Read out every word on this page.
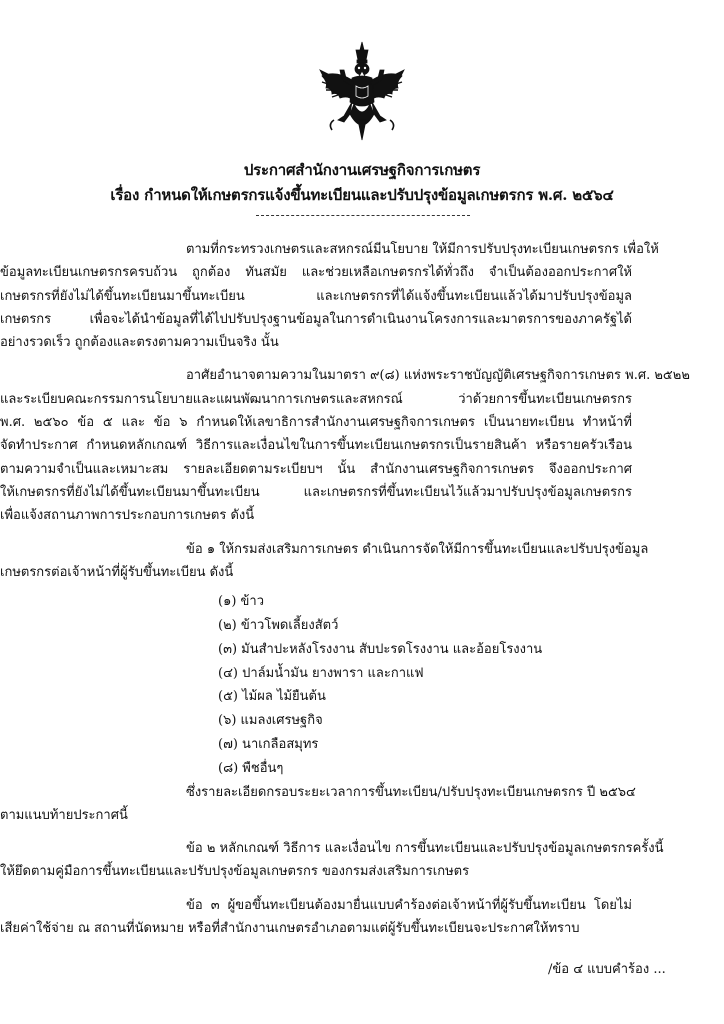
ประกาศสำนักงานเศรษฐกิจการเกษตร
เรื่อง กำหนดให้เกษตรกรแจ้งขึ้นทะเบียนและปรับปรุงข้อมูลเกษตรกร พ.ศ. ๒๕๖๔
ตามที่กระทรวงเกษตรและสหกรณ์มีนโยบาย ให้มีการปรับปรุงทะเบียนเกษตรกร เพื่อให้
ข้อมูลทะเบียนเกษตรกรครบถ้วน ถูกต้อง ทันสมัย และช่วยเหลือเกษตรกรได้ทั่วถึง จำเป็นต้องออกประกาศให้
เกษตรกรที่ยังไม่ได้ขึ้นทะเบียนมาขึ้นทะเบียน และเกษตรกรที่ได้แจ้งขึ้นทะเบียนแล้วได้มาปรับปรุงข้อมูล
เกษตรกร เพื่อจะได้นำข้อมูลที่ได้ไปปรับปรุงฐานข้อมูลในการดำเนินงานโครงการและมาตรการของภาครัฐได้
อย่างรวดเร็ว ถูกต้องและตรงตามความเป็นจริง นั้น
อาศัยอำนาจตามความในมาตรา ๙(๘) แห่งพระราชบัญญัติเศรษฐกิจการเกษตร พ.ศ. ๒๕๒๒
และระเบียบคณะกรรมการนโยบายและแผนพัฒนาการเกษตรและสหกรณ์ ว่าด้วยการขึ้นทะเบียนเกษตรกร
พ.ศ. ๒๕๖๐ ข้อ ๕ และ ข้อ ๖ กำหนดให้เลขาธิการสำนักงานเศรษฐกิจการเกษตร เป็นนายทะเบียน ทำหน้าที่
จัดทำประกาศ กำหนดหลักเกณฑ์ วิธีการและเงื่อนไขในการขึ้นทะเบียนเกษตรกรเป็นรายสินค้า หรือรายครัวเรือน
ตามความจำเป็นและเหมาะสม รายละเอียดตามระเบียบฯ นั้น สำนักงานเศรษฐกิจการเกษตร จึงออกประกาศ
ให้เกษตรกรที่ยังไม่ได้ขึ้นทะเบียนมาขึ้นทะเบียน และเกษตรกรที่ขึ้นทะเบียนไว้แล้วมาปรับปรุงข้อมูลเกษตรกร
เพื่อแจ้งสถานภาพการประกอบการเกษตร ดังนี้
ข้อ ๑ ให้กรมส่งเสริมการเกษตร ดำเนินการจัดให้มีการขึ้นทะเบียนและปรับปรุงข้อมูล
เกษตรกรต่อเจ้าหน้าที่ผู้รับขึ้นทะเบียน ดังนี้
(๑) ข้าว
(๒) ข้าวโพดเลี้ยงสัตว์
(๓) มันสำปะหลังโรงงาน สับปะรดโรงงาน และอ้อยโรงงาน
(๔) ปาล์มน้ำมัน ยางพารา และกาแฟ
(๕) ไม้ผล ไม้ยืนต้น
(๖) แมลงเศรษฐกิจ
(๗) นาเกลือสมุทร
(๘) พืชอื่นๆ
ซึ่งรายละเอียดกรอบระยะเวลาการขึ้นทะเบียน/ปรับปรุงทะเบียนเกษตรกร ปี ๒๕๖๔
ตามแนบท้ายประกาศนี้
ข้อ ๒ หลักเกณฑ์ วิธีการ และเงื่อนไข การขึ้นทะเบียนและปรับปรุงข้อมูลเกษตรกรครั้งนี้
ให้ยึดตามคู่มือการขึ้นทะเบียนและปรับปรุงข้อมูลเกษตรกร ของกรมส่งเสริมการเกษตร
ข้อ ๓ ผู้ขอขึ้นทะเบียนต้องมายื่นแบบคำร้องต่อเจ้าหน้าที่ผู้รับขึ้นทะเบียน โดยไม่
เสียค่าใช้จ่าย ณ สถานที่นัดหมาย หรือที่สำนักงานเกษตรอำเภอตามแต่ผู้รับขึ้นทะเบียนจะประกาศให้ทราบ
/ข้อ ๔ แบบคำร้อง ...
